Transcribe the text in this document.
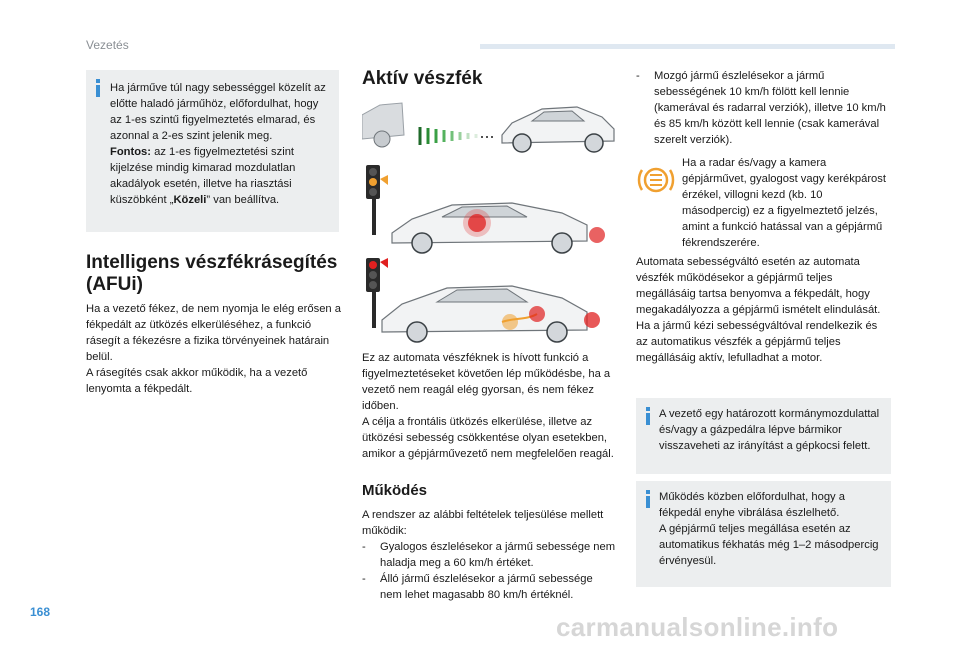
Vezetés

Ha járműve túl nagy sebességgel közelít az előtte haladó járműhöz, előfordulhat, hogy az 1-es szintű figyelmeztetés elmarad, és azonnal a 2-es szint jelenik meg.

Fontos: az 1-es figyelmeztetési szint kijelzése mindig kimarad mozdulatlan akadályok esetén, illetve ha riasztási küszöbként „Közeli” van beállítva.

Intelligens vészfékrásegítés (AFUi)

Ha a vezető fékez, de nem nyomja le elég erősen a fékpedált az ütközés elkerüléséhez, a funkció rásegít a fékezésre a fizika törvényeinek határain belül.

A rásegítés csak akkor működik, ha a vezető lenyomta a fékpedált.

Aktív vészfék

Ez az automata vészféknek is hívott funkció a figyelmeztetéseket követően lép működésbe, ha a vezető nem reagál elég gyorsan, és nem fékez időben.

A célja a frontális ütközés elkerülése, illetve az ütközési sebesség csökkentése olyan esetekben, amikor a gépjárművezető nem megfelelően reagál.

Működés

A rendszer az alábbi feltételek teljesülése mellett működik:

- Gyalogos észlelésekor a jármű sebessége nem haladja meg a 60 km/h értéket.
- Álló jármű észlelésekor a jármű sebessége nem lehet magasabb 80 km/h értéknél.
- Mozgó jármű észlelésekor a jármű sebességének 10 km/h fölött kell lennie (kamerával és radarral verziók), illetve 10 km/h és 85 km/h között kell lennie (csak kamerával szerelt verziók).
Ha a radar és/vagy a kamera gépjárművet, gyalogost vagy kerékpárost érzékel, villogni kezd (kb. 10 másodpercig) ez a figyelmeztető jelzés, amint a funkció hatással van a gépjármű fékrendszerére.

Automata sebességváltó esetén az automata vészfék működésekor a gépjármű teljes megállásáig tartsa benyomva a fékpedált, hogy megakadályozza a gépjármű ismételt elindulását.

Ha a jármű kézi sebességváltóval rendelkezik és az automatikus vészfék a gépjármű teljes megállásáig aktív, lefulladhat a motor.

A vezető egy határozott kormánymozdulattal és/vagy a gázpedálra lépve bármikor visszaveheti az irányítást a gépkocsi felett.

Működés közben előfordulhat, hogy a fékpedál enyhe vibrálása észlelhető.

A gépjármű teljes megállása esetén az automatikus fékhatás még 1–2 másodpercig érvényesül.

168	carmanualsonline.info
